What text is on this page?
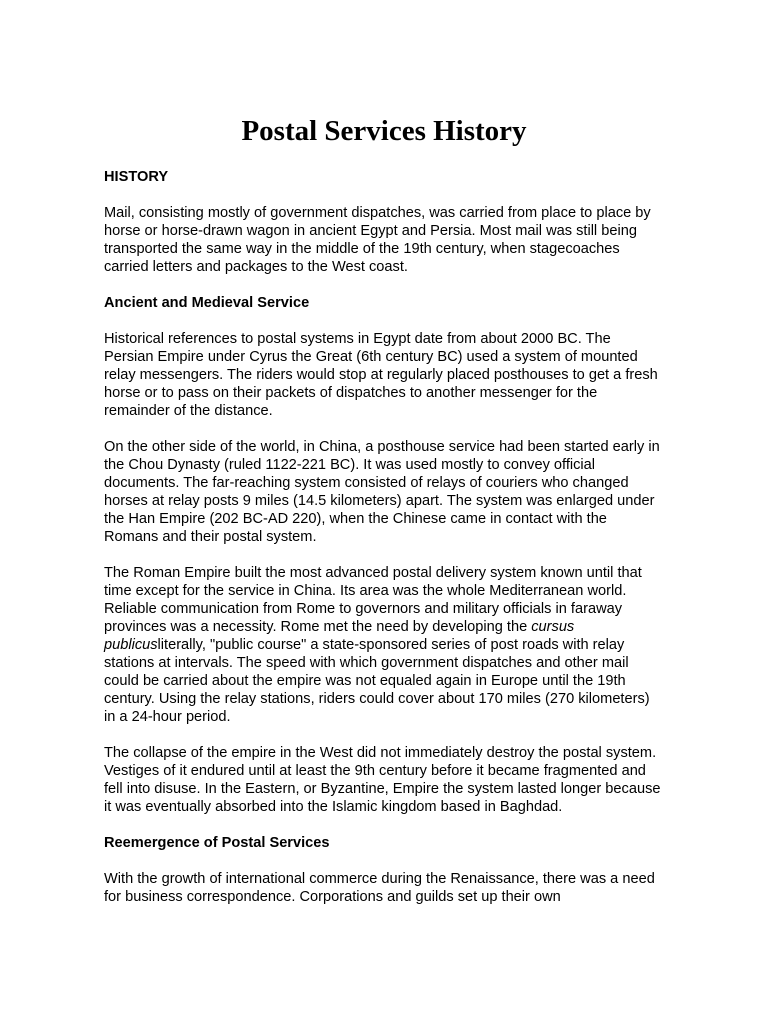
Postal Services History
HISTORY

Mail, consisting mostly of government dispatches, was carried from place to place by horse or horse-drawn wagon in ancient Egypt and Persia. Most mail was still being transported the same way in the middle of the 19th century, when stagecoaches carried letters and packages to the West coast.

Ancient and Medieval Service

Historical references to postal systems in Egypt date from about 2000 BC. The Persian Empire under Cyrus the Great (6th century BC) used a system of mounted relay messengers. The riders would stop at regularly placed posthouses to get a fresh horse or to pass on their packets of dispatches to another messenger for the remainder of the distance.

On the other side of the world, in China, a posthouse service had been started early in the Chou Dynasty (ruled 1122-221 BC). It was used mostly to convey official documents. The far-reaching system consisted of relays of couriers who changed horses at relay posts 9 miles (14.5 kilometers) apart. The system was enlarged under the Han Empire (202 BC-AD 220), when the Chinese came in contact with the Romans and their postal system.

The Roman Empire built the most advanced postal delivery system known until that time except for the service in China. Its area was the whole Mediterranean world. Reliable communication from Rome to governors and military officials in faraway provinces was a necessity. Rome met the need by developing the cursus publicusliterally, "public course" a state-sponsored series of post roads with relay stations at intervals. The speed with which government dispatches and other mail could be carried about the empire was not equaled again in Europe until the 19th century. Using the relay stations, riders could cover about 170 miles (270 kilometers) in a 24-hour period.

The collapse of the empire in the West did not immediately destroy the postal system. Vestiges of it endured until at least the 9th century before it became fragmented and fell into disuse. In the Eastern, or Byzantine, Empire the system lasted longer because it was eventually absorbed into the Islamic kingdom based in Baghdad.

Reemergence of Postal Services

With the growth of international commerce during the Renaissance, there was a need for business correspondence. Corporations and guilds set up their own
